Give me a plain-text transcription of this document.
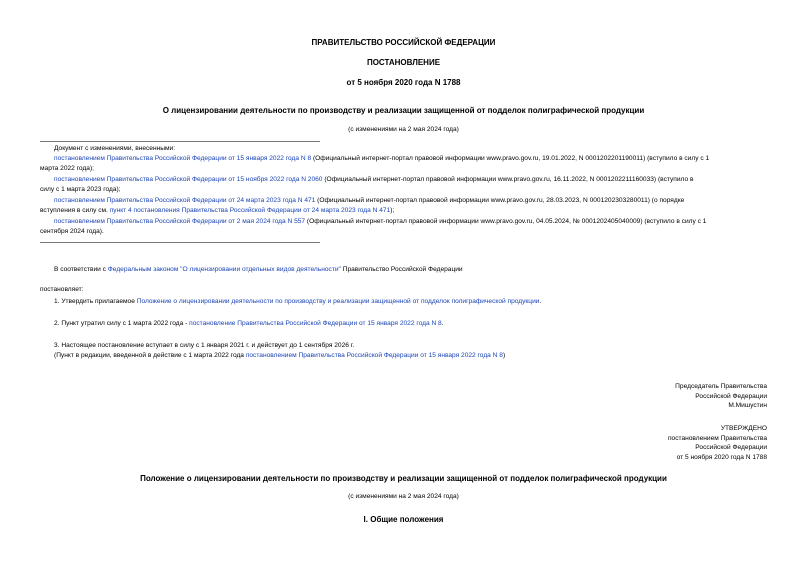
ПРАВИТЕЛЬСТВО РОССИЙСКОЙ ФЕДЕРАЦИИ
ПОСТАНОВЛЕНИЕ
от 5 ноября 2020 года N 1788
О лицензировании деятельности по производству и реализации защищенной от подделок полиграфической продукции
(с изменениями на 2 мая 2024 года)
Документ с изменениями, внесенными:
постановлением Правительства Российской Федерации от 15 января 2022 года N 8 (Официальный интернет-портал правовой информации www.pravo.gov.ru, 19.01.2022, N 0001202201190011) (вступило в силу с 1
марта 2022 года);
постановлением Правительства Российской Федерации от 15 ноября 2022 года N 2060 (Официальный интернет-портал правовой информации www.pravo.gov.ru, 16.11.2022, N 0001202211160033) (вступило в
силу с 1 марта 2023 года);
постановлением Правительства Российской Федерации от 24 марта 2023 года N 471 (Официальный интернет-портал правовой информации www.pravo.gov.ru, 28.03.2023, N 0001202303280011) (о порядке
вступления в силу см. пункт 4 постановления Правительства Российской Федерации от 24 марта 2023 года N 471);
постановлением Правительства Российской Федерации от 2 мая 2024 года N 557 (Официальный интернет-портал правовой информации www.pravo.gov.ru, 04.05.2024, № 0001202405040009) (вступило в силу с 1
сентября 2024 года).
В соответствии с Федеральным законом "О лицензировании отдельных видов деятельности" Правительство Российской Федерации
постановляет:
1. Утвердить прилагаемое Положение о лицензировании деятельности по производству и реализации защищенной от подделок полиграфической продукции.
2. Пункт утратил силу с 1 марта 2022 года - постановление Правительства Российской Федерации от 15 января 2022 года N 8.
3. Настоящее постановление вступает в силу с 1 января 2021 г. и действует до 1 сентября 2026 г.
(Пункт в редакции, введенной в действие с 1 марта 2022 года постановлением Правительства Российской Федерации от 15 января 2022 года N 8)
Председатель Правительства
Российской Федерации
М.Мишустин
УТВЕРЖДЕНО
постановлением Правительства
Российской Федерации
от 5 ноября 2020 года N 1788
Положение о лицензировании деятельности по производству и реализации защищенной от подделок полиграфической продукции
(с изменениями на 2 мая 2024 года)
I. Общие положения
